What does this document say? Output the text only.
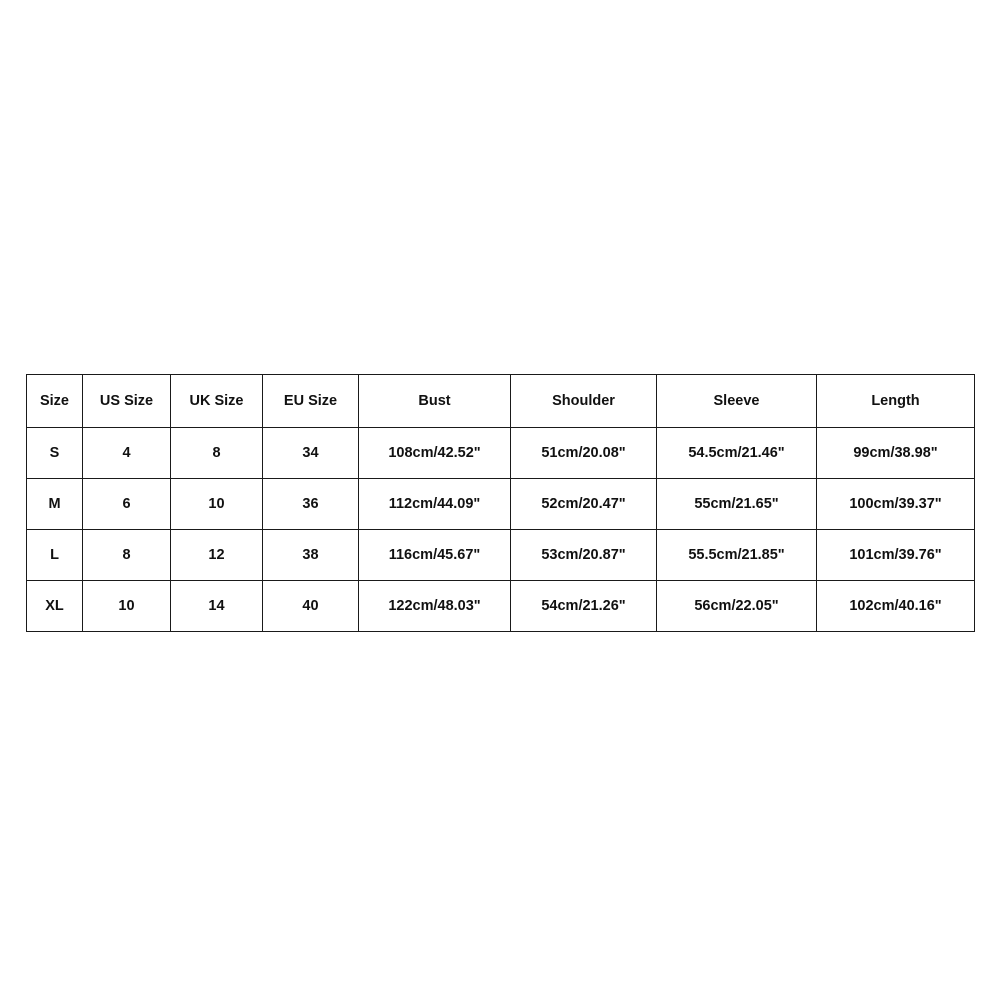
Size	US Size	UK Size	EU Size	Bust	Shoulder	Sleeve	Length
S	4	8	34	108cm/42.52"	51cm/20.08"	54.5cm/21.46"	99cm/38.98"
M	6	10	36	112cm/44.09"	52cm/20.47"	55cm/21.65"	100cm/39.37"
L	8	12	38	116cm/45.67"	53cm/20.87"	55.5cm/21.85"	101cm/39.76"
XL	10	14	40	122cm/48.03"	54cm/21.26"	56cm/22.05"	102cm/40.16"
